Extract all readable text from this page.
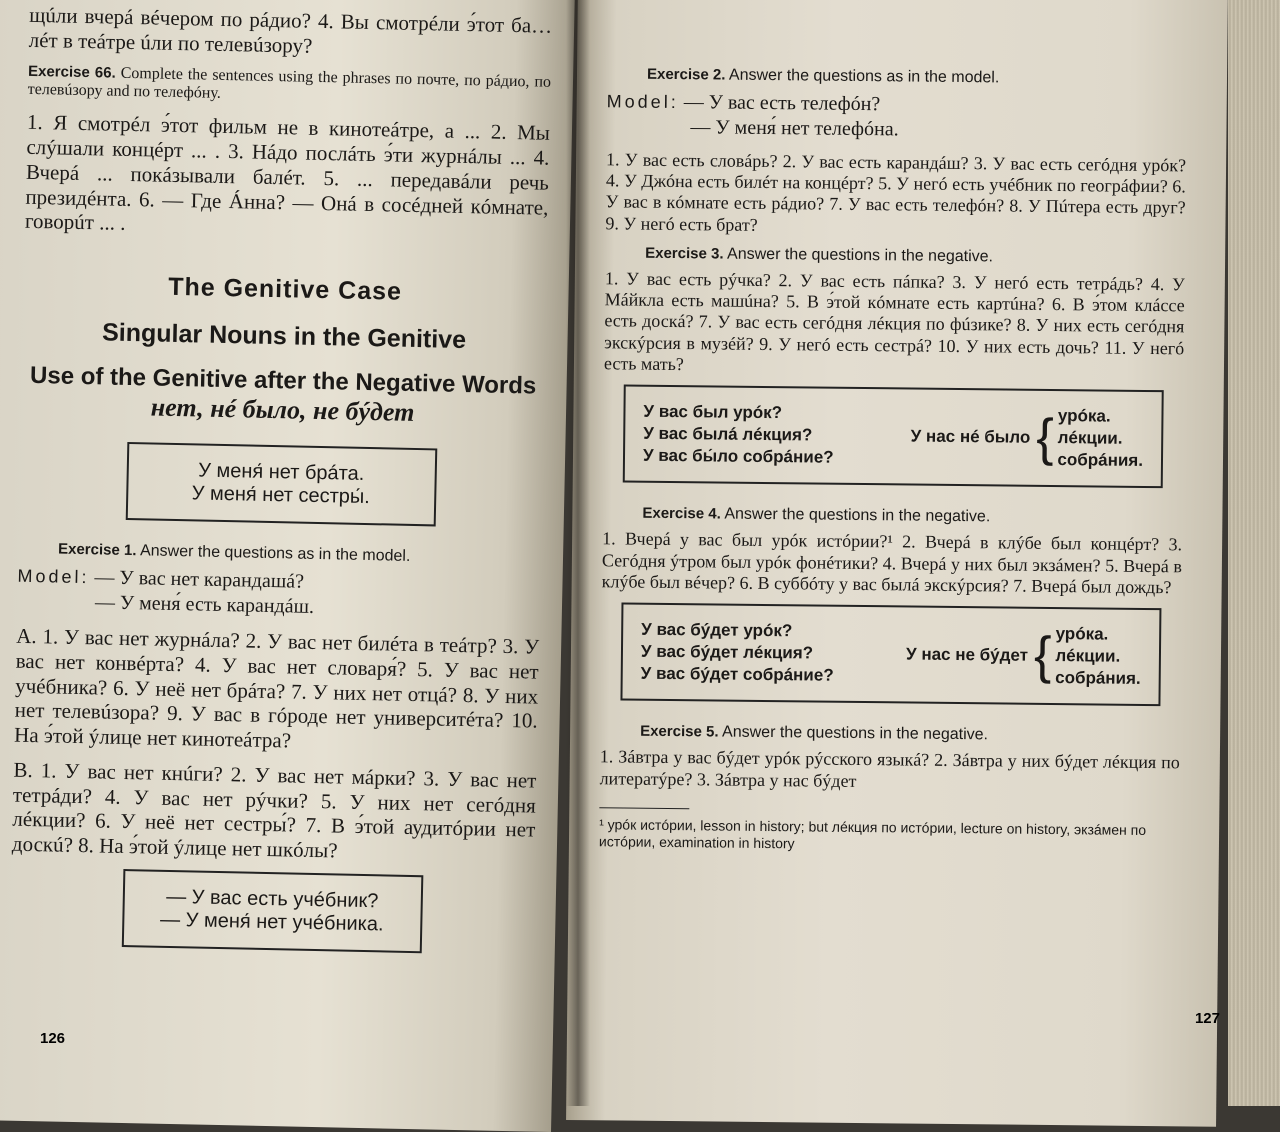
щúли вчерá вéчером по рáдио? 4. Вы смотрéли э́тот ба… лéт в теáтре úли по телевúзору?

Exercise 66. Complete the sentences using the phrases по почте, по рáдио, по телевúзору and по телефóну.

1. Я смотрéл э́тот фильм не в кинотеáтре, а ... 2. Мы слýшали концéрт ... . 3. Нáдо послáть э́ти журнáлы ... 4. Вчерá ... покáзывали балéт. 5. ... передавáли речь президéнта. 6. — Где Áнна? — Онá в сосéдней кóмнате, говорúт ... .

The Genitive Case
Singular Nouns in the Genitive
Use of the Genitive after the Negative Words
нет, нé было, не бýдет
У меня́ нет брáта.
У меня́ нет сестры́.
Exercise 1. Answer the questions as in the model.
Model: — У вас нет карандашá?
— У меня́ есть карандáш.

A. 1. У вас нет журнáла? 2. У вас нет билéта в теáтр? 3. У вас нет конвéрта? 4. У вас нет словаря́? 5. У вас нет учéбника? 6. У неё нет брáта? 7. У них нет отцá? 8. У них нет телевúзора? 9. У вас в гóроде нет университéта? 10. На э́той ýлице нет кинотеáтра?

B. 1. У вас нет кнúги? 2. У вас нет мáрки? 3. У вас нет тетрáди? 4. У вас нет рýчки? 5. У них нет сегóдня лéкции? 6. У неё нет сестры́? 7. В э́той аудитóрии нет доскú? 8. На э́той ýлице нет шкóлы?

— У вас есть учéбник?
— У меня́ нет учéбника.
126
Exercise 2. Answer the questions as in the model.
Model: — У вас есть телефóн?
— У меня́ нет телефóна.

1. У вас есть словáрь? 2. У вас есть карандáш? 3. У вас есть сегóдня урóк? 4. У Джóна есть билéт на концéрт? 5. У негó есть учéбник по геогрáфии? 6. У вас в кóмнате есть рáдио? 7. У вас есть телефóн? 8. У Пúтера есть друг? 9. У негó есть брат?

Exercise 3. Answer the questions in the negative.

1. У вас есть рýчка? 2. У вас есть пáпка? 3. У негó есть тетрáдь? 4. У Мáйкла есть машúна? 5. В э́той кóмнате есть картúна? 6. В э́том клáссе есть доскá? 7. У вас есть сегóдня лéкция по фúзике? 8. У них есть сегóдня экскýрсия в музéй? 9. У негó есть сестрá? 10. У них есть дочь? 11. У негó есть мать?

У вас был урóк?
У вас былá лéкция?
У вас бы́ло собрáние?
У нас нé было { урóка.
лéкции.
собрáния.
Exercise 4. Answer the questions in the negative.

1. Вчерá у вас был урóк истóрии?¹ 2. Вчерá в клýбе был концéрт? 3. Сегóдня ýтром был урóк фонéтики? 4. Вчерá у них был экзáмен? 5. Вчерá в клýбе был вéчер? 6. В суббóту у вас былá экскýрсия? 7. Вчерá был дождь?

У вас бýдет урóк?
У вас бýдет лéкция?
У вас бýдет собрáние?
У нас не бýдет { урóка.
лéкции.
собрáния.
Exercise 5. Answer the questions in the negative.

1. Зáвтра у вас бýдет урóк рýсского языкá? 2. Зáвтра у них бýдет лéкция по литератýре? 3. Зáвтра у нас бýдет

¹ урóк истóрии, lesson in history; but лéкция по истóрии, lecture on history, экзáмен по истóрии, examination in history
127
